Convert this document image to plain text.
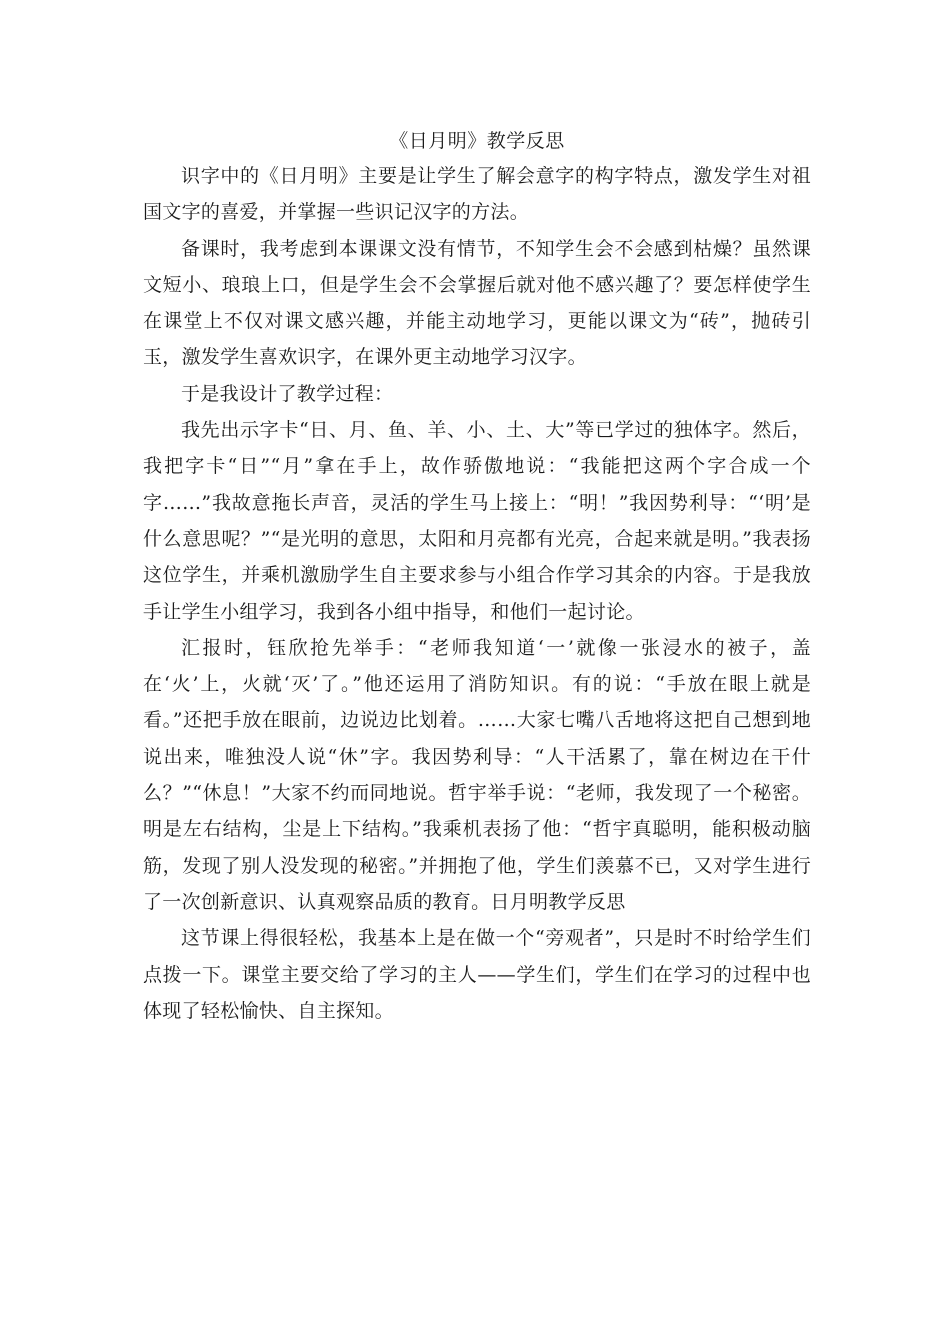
《日月明》教学反思

识字中的《日月明》主要是让学生了解会意字的构字特点，激发学生对祖国文字的喜爱，并掌握一些识记汉字的方法。

备课时，我考虑到本课课文没有情节，不知学生会不会感到枯燥？虽然课文短小、琅琅上口，但是学生会不会掌握后就对他不感兴趣了？要怎样使学生在课堂上不仅对课文感兴趣，并能主动地学习，更能以课文为“砖”，抛砖引玉，激发学生喜欢识字，在课外更主动地学习汉字。

于是我设计了教学过程：

我先出示字卡“日、月、鱼、羊、小、土、大”等已学过的独体字。然后，我把字卡“日”“月”拿在手上，故作骄傲地说：“我能把这两个字合成一个字……”我故意拖长声音，灵活的学生马上接上：“明！”我因势利导：“‘明’是什么意思呢？”“是光明的意思，太阳和月亮都有光亮，合起来就是明。”我表扬这位学生，并乘机激励学生自主要求参与小组合作学习其余的内容。于是我放手让学生小组学习，我到各小组中指导，和他们一起讨论。

汇报时，钰欣抢先举手：“老师我知道‘一’就像一张浸水的被子，盖在‘火’上，火就‘灭’了。”他还运用了消防知识。有的说：“手放在眼上就是看。”还把手放在眼前，边说边比划着。……大家七嘴八舌地将这把自己想到地说出来，唯独没人说“休”字。我因势利导：“人干活累了，靠在树边在干什么？”“休息！”大家不约而同地说。哲宇举手说：“老师，我发现了一个秘密。明是左右结构，尘是上下结构。”我乘机表扬了他：“哲宇真聪明，能积极动脑筋，发现了别人没发现的秘密。”并拥抱了他，学生们羡慕不已，又对学生进行了一次创新意识、认真观察品质的教育。日月明教学反思

这节课上得很轻松，我基本上是在做一个“旁观者”，只是时不时给学生们点拨一下。课堂主要交给了学习的主人——学生们，学生们在学习的过程中也体现了轻松愉快、自主探知。
